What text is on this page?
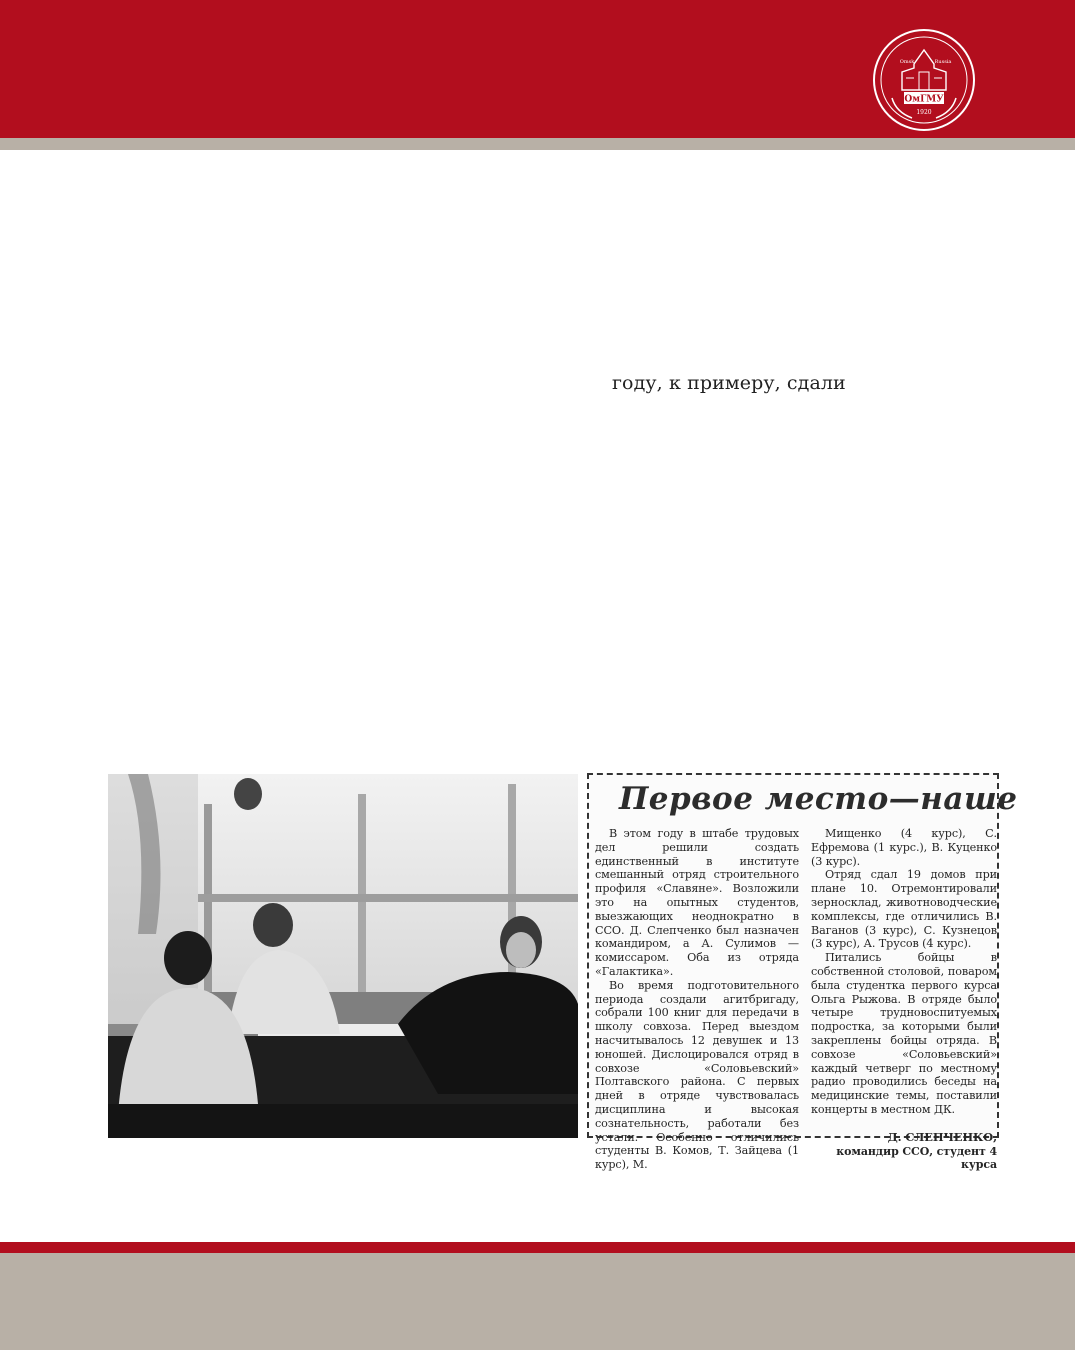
ОмГМУ
Omsk	Russia
1920
году, к примеру, сдали
Первое место—наше

В этом году в штабе трудовых дел решили создать единственный в институте смешанный отряд строительного профиля «Славяне». Возложили это на опытных студентов, выезжающих неоднократно в ССО. Д. Слепченко был назначен командиром, а А. Сулимов — комиссаром. Оба из отряда «Галактика».

Во время подготовительного периода создали агитбригаду, собрали 100 книг для передачи в школу совхоза. Перед выездом насчитывалось 12 девушек и 13 юношей. Дислоцировался отряд в совхозе «Соловьевский» Полтавского района. С первых дней в отряде чувствовалась дисциплина и высокая сознательность, работали без устали. Особенно отличились студенты В. Комов, Т. Зайцева (1 курс), М.

Мищенко (4 курс), С. Ефремова (1 курс.), В. Куценко (3 курс).

Отряд сдал 19 домов при плане 10. Отремонтировали зерносклад, животноводческие комплексы, где отличились В. Ваганов (3 курс), С. Кузнецов (3 курс), А. Трусов (4 курс).

Питались бойцы в собственной столовой, поваром была студентка первого курса Ольга Рыжова. В отряде было четыре трудновоспитуемых подростка, за которыми были закреплены бойцы отряда. В совхозе «Соловьевский» каждый четверг по местному радио проводились беседы на медицинские темы, поставили концерты в местном ДК.

Д. СЛЕПЧЕНКО,
командир ССО, студент 4 курса
